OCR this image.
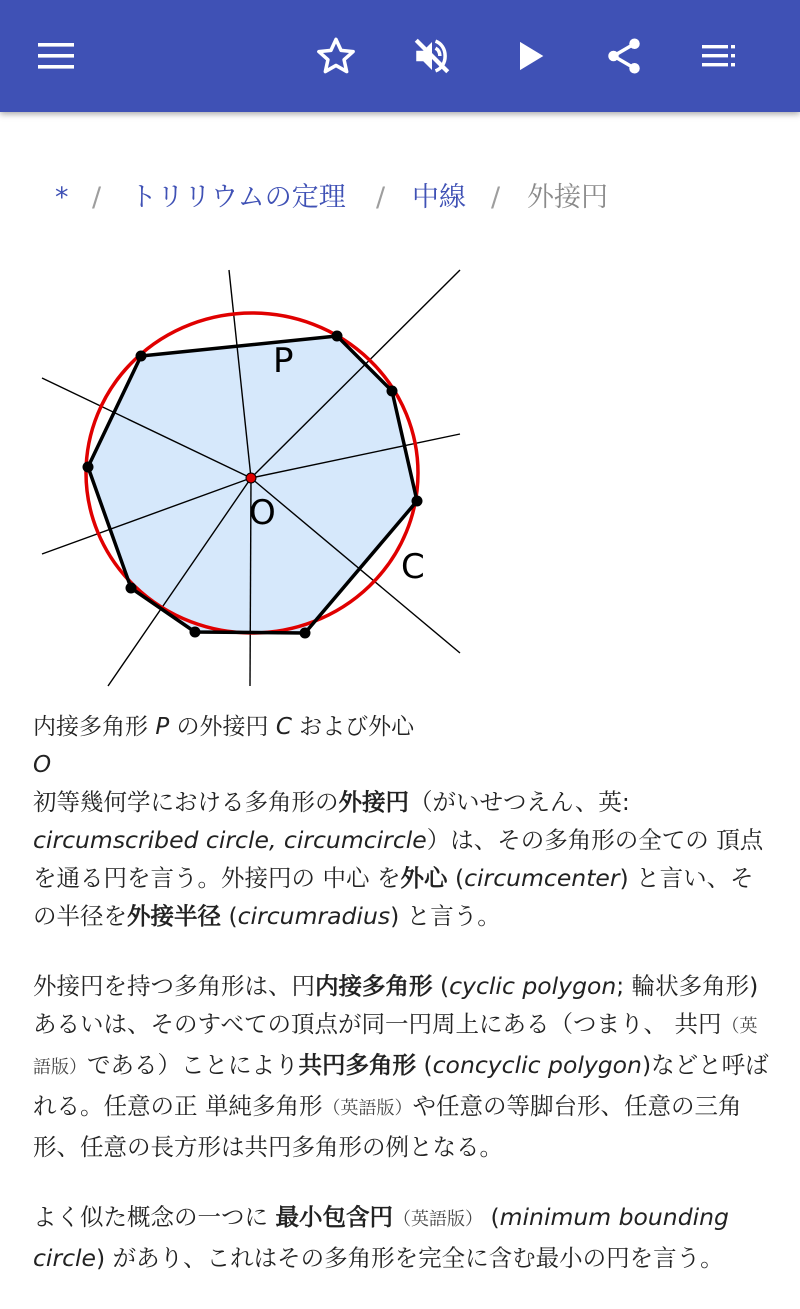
* / トリリウムの定理 / 中線 / 外接円
P
O
C
内接多角形 P の外接円 C および外心
O

初等幾何学における多角形の外接円（がいせつえん、英: circumscribed circle, circumcircle）は、その多角形の全ての 頂点 を通る円を言う。外接円の 中心 を外心 (circumcenter) と言い、その半径を外接半径 (circumradius) と言う。

外接円を持つ多角形は、円内接多角形 (cyclic polygon; 輪状多角形) あるいは、そのすべての頂点が同一円周上にある（つまり、 共円（英語版）である）ことにより共円多角形 (concyclic polygon)などと呼ばれる。任意の正 単純多角形（英語版）や任意の等脚台形、任意の三角形、任意の長方形は共円多角形の例となる。

よく似た概念の一つに 最小包含円（英語版） (minimum bounding circle) があり、これはその多角形を完全に含む最小の円を言う。
